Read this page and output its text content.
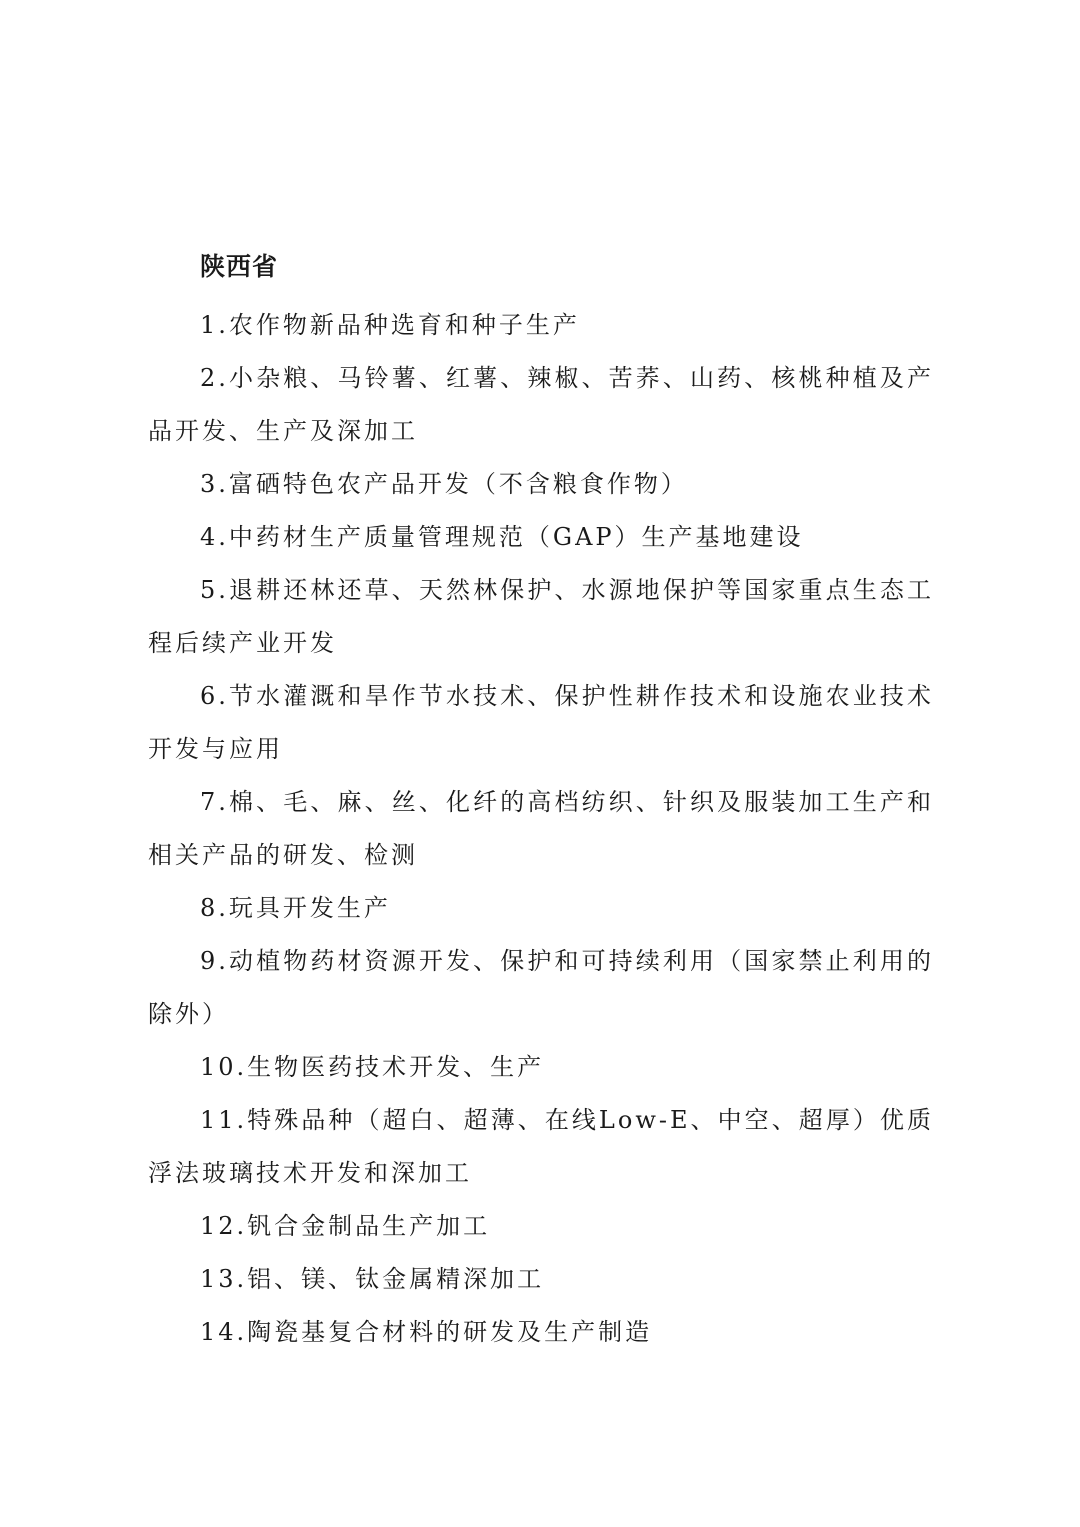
陕西省

1.农作物新品种选育和种子生产

2.小杂粮、马铃薯、红薯、辣椒、苦荞、山药、核桃种植及产品开发、生产及深加工

3.富硒特色农产品开发（不含粮食作物）

4.中药材生产质量管理规范（GAP）生产基地建设

5.退耕还林还草、天然林保护、水源地保护等国家重点生态工程后续产业开发

6.节水灌溉和旱作节水技术、保护性耕作技术和设施农业技术开发与应用

7.棉、毛、麻、丝、化纤的高档纺织、针织及服装加工生产和相关产品的研发、检测

8.玩具开发生产

9.动植物药材资源开发、保护和可持续利用（国家禁止利用的除外）

10.生物医药技术开发、生产

11.特殊品种（超白、超薄、在线Low-E、中空、超厚）优质浮法玻璃技术开发和深加工

12.钒合金制品生产加工

13.铝、镁、钛金属精深加工

14.陶瓷基复合材料的研发及生产制造
